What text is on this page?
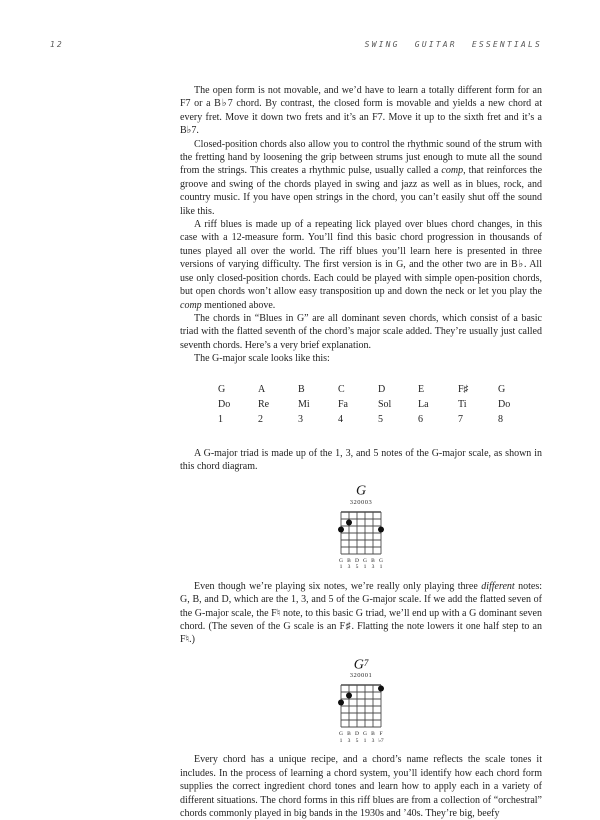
12	SWING GUITAR ESSENTIALS

The open form is not movable, and we’d have to learn a totally different form for an F7 or a B♭7 chord. By contrast, the closed form is movable and yields a new chord at every fret. Move it down two frets and it’s an F7. Move it up to the sixth fret and it’s a B♭7.

Closed-position chords also allow you to control the rhythmic sound of the strum with the fretting hand by loosening the grip between strums just enough to mute all the sound from the strings. This creates a rhythmic pulse, usually called a comp, that reinforces the groove and swing of the chords played in swing and jazz as well as in blues, rock, and country music. If you have open strings in the chord, you can’t easily shut off the sound like this.

A riff blues is made up of a repeating lick played over blues chord changes, in this case with a 12-measure form. You’ll find this basic chord progression in thousands of tunes played all over the world. The riff blues you’ll learn here is presented in three versions of varying difficulty. The first version is in G, and the other two are in B♭. All use only closed-position chords. Each could be played with simple open-position chords, but open chords won’t allow easy transposition up and down the neck or let you play the comp mentioned above.

The chords in “Blues in G” are all dominant seven chords, which consist of a basic triad with the flatted seventh of the chord’s major scale added. They’re usually just called seventh chords. Here’s a very brief explanation.

The G-major scale looks like this:

G	A	B	C	D	E	F♯	G
Do	Re	Mi	Fa	Sol	La	Ti	Do
1	2	3	4	5	6	7	8

A G-major triad is made up of the 1, 3, and 5 notes of the G-major scale, as shown in this chord diagram.

G
320003
G B D G B G
1 3 5 1 3 1

Even though we’re playing six notes, we’re really only playing three different notes: G, B, and D, which are the 1, 3, and 5 of the G-major scale. If we add the flatted seven of the G-major scale, the F♮ note, to this basic G triad, we’ll end up with a G dominant seven chord. (The seven of the G scale is an F♯. Flatting the note lowers it one half step to an F♮.)

$G^7$
320001
G B D G B F
1 3 5 1 3 ♭7

Every chord has a unique recipe, and a chord’s name reflects the scale tones it includes. In the process of learning a chord system, you’ll identify how each chord form supplies the correct ingredient chord tones and learn how to apply each in a variety of different situations. The chord forms in this riff blues are from a collection of “orchestral” chords commonly played in big bands in the 1930s and ’40s. They’re big, beefy
